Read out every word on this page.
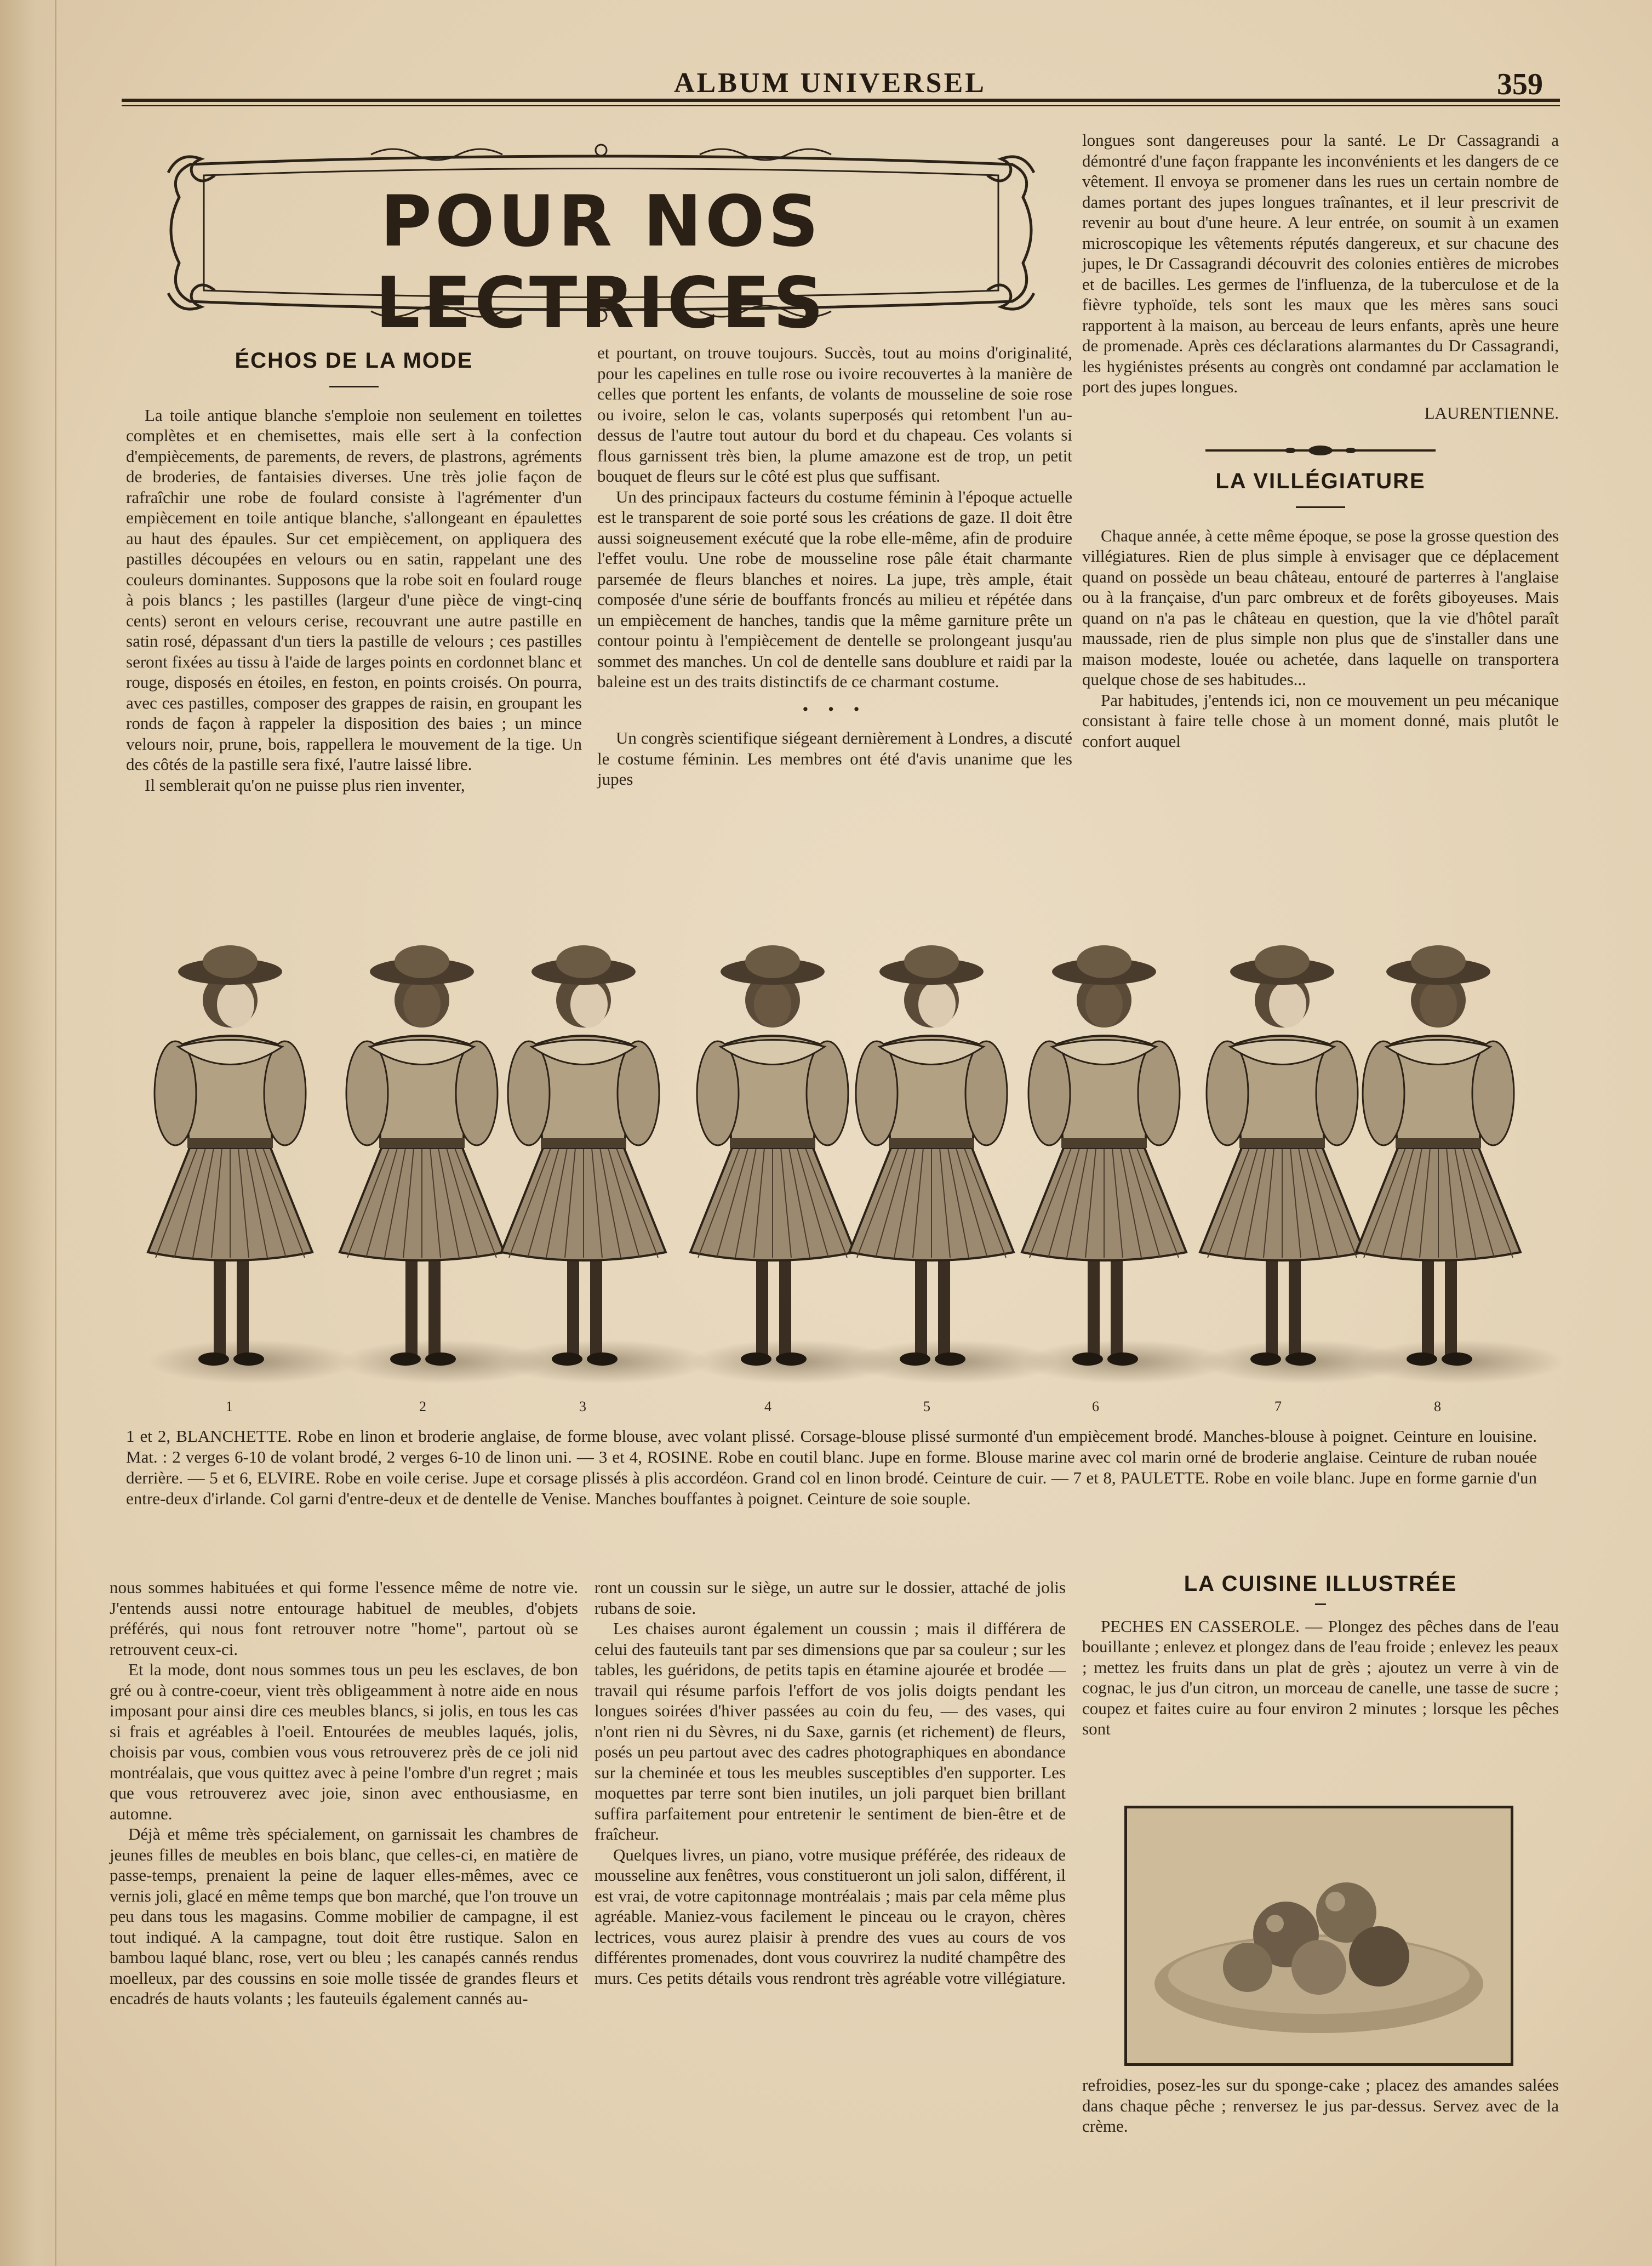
ALBUM UNIVERSEL	359
POUR NOS LECTRICES
ÉCHOS DE LA MODE

La toile antique blanche s'emploie non seulement en toilettes complètes et en chemisettes, mais elle sert à la confection d'empiècements, de parements, de revers, de plastrons, agréments de broderies, de fantaisies diverses. Une très jolie façon de rafraîchir une robe de foulard consiste à l'agrémenter d'un empiècement en toile antique blanche, s'allongeant en épaulettes au haut des épaules. Sur cet empiècement, on appliquera des pastilles découpées en velours ou en satin, rappelant une des couleurs dominantes. Supposons que la robe soit en foulard rouge à pois blancs ; les pastilles (largeur d'une pièce de vingt-cinq cents) seront en velours cerise, recouvrant une autre pastille en satin rosé, dépassant d'un tiers la pastille de velours ; ces pastilles seront fixées au tissu à l'aide de larges points en cordonnet blanc et rouge, disposés en étoiles, en feston, en points croisés. On pourra, avec ces pastilles, composer des grappes de raisin, en groupant les ronds de façon à rappeler la disposition des baies ; un mince velours noir, prune, bois, rappellera le mouvement de la tige. Un des côtés de la pastille sera fixé, l'autre laissé libre.

Il semblerait qu'on ne puisse plus rien inventer,

et pourtant, on trouve toujours. Succès, tout au moins d'originalité, pour les capelines en tulle rose ou ivoire recouvertes à la manière de celles que portent les enfants, de volants de mousseline de soie rose ou ivoire, selon le cas, volants superposés qui retombent l'un au-dessus de l'autre tout autour du bord et du chapeau. Ces volants si flous garnissent très bien, la plume amazone est de trop, un petit bouquet de fleurs sur le côté est plus que suffisant.

Un des principaux facteurs du costume féminin à l'époque actuelle est le transparent de soie porté sous les créations de gaze. Il doit être aussi soigneusement exécuté que la robe elle-même, afin de produire l'effet voulu. Une robe de mousseline rose pâle était charmante parsemée de fleurs blanches et noires. La jupe, très ample, était composée d'une série de bouffants froncés au milieu et répétée dans un empiècement de hanches, tandis que la même garniture prête un contour pointu à l'empiècement de dentelle se prolongeant jusqu'au sommet des manches. Un col de dentelle sans doublure et raidi par la baleine est un des traits distinctifs de ce charmant costume.

• • •

Un congrès scientifique siégeant dernièrement à Londres, a discuté le costume féminin. Les membres ont été d'avis unanime que les jupes

longues sont dangereuses pour la santé. Le Dr Cassagrandi a démontré d'une façon frappante les inconvénients et les dangers de ce vêtement. Il envoya se promener dans les rues un certain nombre de dames portant des jupes longues traînantes, et il leur prescrivit de revenir au bout d'une heure. A leur entrée, on soumit à un examen microscopique les vêtements réputés dangereux, et sur chacune des jupes, le Dr Cassagrandi découvrit des colonies entières de microbes et de bacilles. Les germes de l'influenza, de la tuberculose et de la fièvre typhoïde, tels sont les maux que les mères sans souci rapportent à la maison, au berceau de leurs enfants, après une heure de promenade. Après ces déclarations alarmantes du Dr Cassagrandi, les hygiénistes présents au congrès ont condamné par acclamation le port des jupes longues.

LAURENTIENNE.
LA VILLÉGIATURE

Chaque année, à cette même époque, se pose la grosse question des villégiatures. Rien de plus simple à envisager que ce déplacement quand on possède un beau château, entouré de parterres à l'anglaise ou à la française, d'un parc ombreux et de forêts giboyeuses. Mais quand on n'a pas le château en question, que la vie d'hôtel paraît maussade, rien de plus simple non plus que de s'installer dans une maison modeste, louée ou achetée, dans laquelle on transportera quelque chose de ses habitudes...

Par habitudes, j'entends ici, non ce mouvement un peu mécanique consistant à faire telle chose à un moment donné, mais plutôt le confort auquel

1	2	3	4	5	6	7	8
1 et 2, BLANCHETTE. Robe en linon et broderie anglaise, de forme blouse, avec volant plissé. Corsage-blouse plissé surmonté d'un empiècement brodé. Manches-blouse à poignet. Ceinture en louisine. Mat. : 2 verges 6-10 de volant brodé, 2 verges 6-10 de linon uni. — 3 et 4, ROSINE. Robe en coutil blanc. Jupe en forme. Blouse marine avec col marin orné de broderie anglaise. Ceinture de ruban nouée derrière. — 5 et 6, ELVIRE. Robe en voile cerise. Jupe et corsage plissés à plis accordéon. Grand col en linon brodé. Ceinture de cuir. — 7 et 8, PAULETTE. Robe en voile blanc. Jupe en forme garnie d'un entre-deux d'irlande. Col garni d'entre-deux et de dentelle de Venise. Manches bouffantes à poignet. Ceinture de soie souple.

nous sommes habituées et qui forme l'essence même de notre vie. J'entends aussi notre entourage habituel de meubles, d'objets préférés, qui nous font retrouver notre "home", partout où se retrouvent ceux-ci.

Et la mode, dont nous sommes tous un peu les esclaves, de bon gré ou à contre-coeur, vient très obligeamment à notre aide en nous imposant pour ainsi dire ces meubles blancs, si jolis, en tous les cas si frais et agréables à l'oeil. Entourées de meubles laqués, jolis, choisis par vous, combien vous vous retrouverez près de ce joli nid montréalais, que vous quittez avec à peine l'ombre d'un regret ; mais que vous retrouverez avec joie, sinon avec enthousiasme, en automne.

Déjà et même très spécialement, on garnissait les chambres de jeunes filles de meubles en bois blanc, que celles-ci, en matière de passe-temps, prenaient la peine de laquer elles-mêmes, avec ce vernis joli, glacé en même temps que bon marché, que l'on trouve un peu dans tous les magasins. Comme mobilier de campagne, il est tout indiqué. A la campagne, tout doit être rustique. Salon en bambou laqué blanc, rose, vert ou bleu ; les canapés cannés rendus moelleux, par des coussins en soie molle tissée de grandes fleurs et encadrés de hauts volants ; les fauteuils également cannés au-

ront un coussin sur le siège, un autre sur le dossier, attaché de jolis rubans de soie.

Les chaises auront également un coussin ; mais il différera de celui des fauteuils tant par ses dimensions que par sa couleur ; sur les tables, les guéridons, de petits tapis en étamine ajourée et brodée — travail qui résume parfois l'effort de vos jolis doigts pendant les longues soirées d'hiver passées au coin du feu, — des vases, qui n'ont rien ni du Sèvres, ni du Saxe, garnis (et richement) de fleurs, posés un peu partout avec des cadres photographiques en abondance sur la cheminée et tous les meubles susceptibles d'en supporter. Les moquettes par terre sont bien inutiles, un joli parquet bien brillant suffira parfaitement pour entretenir le sentiment de bien-être et de fraîcheur.

Quelques livres, un piano, votre musique préférée, des rideaux de mousseline aux fenêtres, vous constitueront un joli salon, différent, il est vrai, de votre capitonnage montréalais ; mais par cela même plus agréable. Maniez-vous facilement le pinceau ou le crayon, chères lectrices, vous aurez plaisir à prendre des vues au cours de vos différentes promenades, dont vous couvrirez la nudité champêtre des murs. Ces petits détails vous rendront très agréable votre villégiature.

LA CUISINE ILLUSTRÉE

PECHES EN CASSEROLE. — Plongez des pêches dans de l'eau bouillante ; enlevez et plongez dans de l'eau froide ; enlevez les peaux ; mettez les fruits dans un plat de grès ; ajoutez un verre à vin de cognac, le jus d'un citron, un morceau de canelle, une tasse de sucre ; coupez et faites cuire au four environ 2 minutes ; lorsque les pêches sont

refroidies, posez-les sur du sponge-cake ; placez des amandes salées dans chaque pêche ; renversez le jus par-dessus. Servez avec de la crème.
